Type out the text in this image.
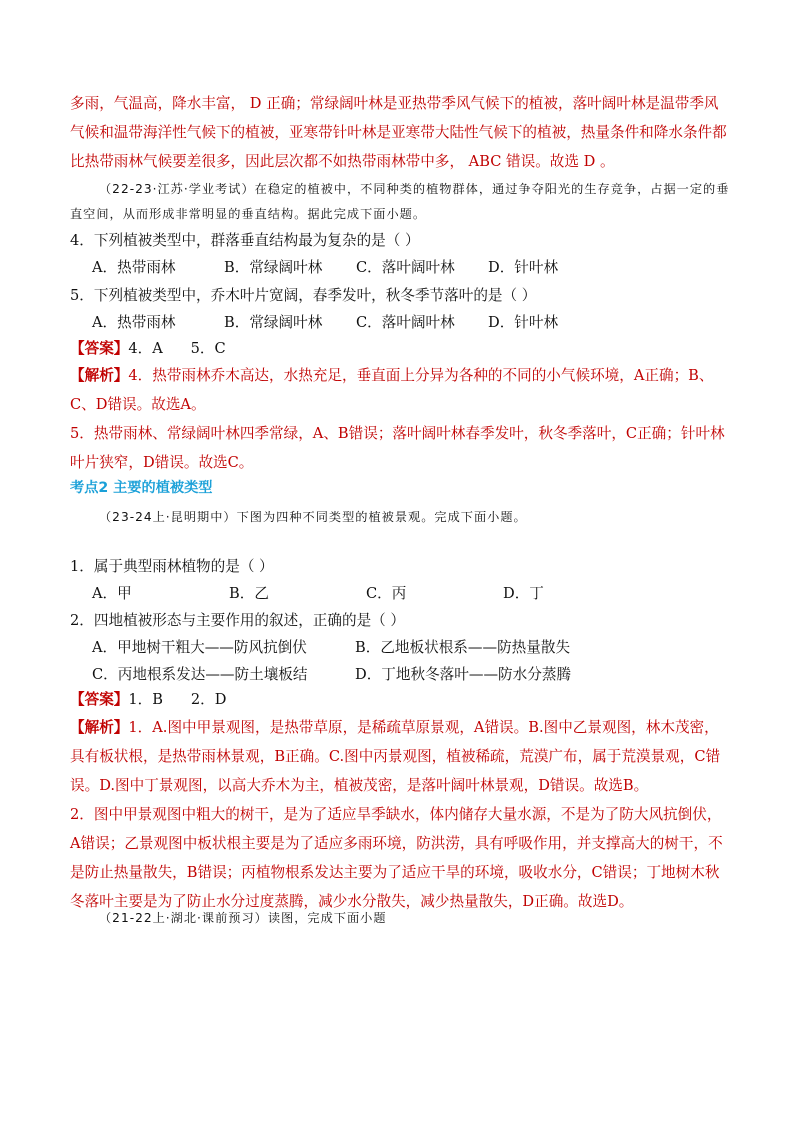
多雨，气温高，降水丰富， D 正确；常绿阔叶林是亚热带季风气候下的植被，落叶阔叶林是温带季风气候和温带海洋性气候下的植被，亚寒带针叶林是亚寒带大陆性气候下的植被，热量条件和降水条件都比热带雨林气候要差很多，因此层次都不如热带雨林带中多， ABC 错误。故选 D 。

（22-23·江苏·学业考试）在稳定的植被中，不同种类的植物群体，通过争夺阳光的生存竞争，占据一定的垂直空间，从而形成非常明显的垂直结构。据此完成下面小题。

4．下列植被类型中，群落垂直结构最为复杂的是（ ）

A．热带雨林	B．常绿阔叶林	C．落叶阔叶林	D．针叶林

5．下列植被类型中，乔木叶片宽阔，春季发叶，秋冬季节落叶的是（ ）

A．热带雨林	B．常绿阔叶林	C．落叶阔叶林	D．针叶林

【答案】4．A      5．C

【解析】4．热带雨林乔木高达，水热充足，垂直面上分异为各种的不同的小气候环境，A正确；B、C、D错误。故选A。

5．热带雨林、常绿阔叶林四季常绿，A、B错误；落叶阔叶林春季发叶，秋冬季落叶，C正确；针叶林叶片狭窄，D错误。故选C。

考点2 主要的植被类型

（23-24上·昆明期中）下图为四种不同类型的植被景观。完成下面小题。

1．属于典型雨林植物的是（ ）

A．甲	B．乙	C．丙	D．丁

2．四地植被形态与主要作用的叙述，正确的是（ ）

A．甲地树干粗大——防风抗倒伏	B．乙地板状根系——防热量散失
C．丙地根系发达——防土壤板结	D．丁地秋冬落叶——防水分蒸腾

【答案】1．B      2．D

【解析】1．A.图中甲景观图，是热带草原，是稀疏草原景观，A错误。B.图中乙景观图，林木茂密，具有板状根，是热带雨林景观，B正确。C.图中丙景观图，植被稀疏，荒漠广布，属于荒漠景观，C错误。D.图中丁景观图，以高大乔木为主，植被茂密，是落叶阔叶林景观，D错误。故选B。

2．图中甲景观图中粗大的树干，是为了适应旱季缺水，体内储存大量水源，不是为了防大风抗倒伏，A错误；乙景观图中板状根主要是为了适应多雨环境，防洪涝，具有呼吸作用，并支撑高大的树干，不是防止热量散失，B错误；丙植物根系发达主要为了适应干旱的环境，吸收水分，C错误；丁地树木秋冬落叶主要是为了防止水分过度蒸腾，减少水分散失，减少热量散失，D正确。故选D。

（21-22上·湖北·课前预习）读图，完成下面小题
